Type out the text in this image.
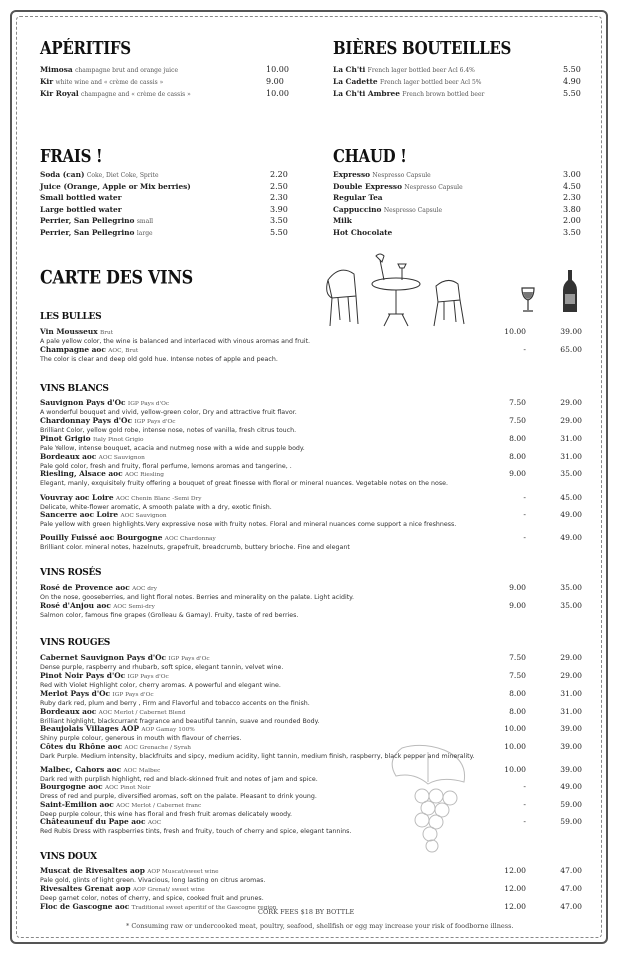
APÉRITIFS
Mimosa champagne brut and orange juice	10.00
Kir white wine and « crème de cassis »	9.00
Kir Royal champagne and « crème de cassis »	10.00
BIÈRES BOUTEILLES
La Ch'ti French lager bottled beer Acl 6.4%	5.50
La Cadette French lager bottled beer Acl 5%	4.90
La Ch'ti Ambree French brown bottled beer	5.50
FRAIS !
Soda (can) Coke, Diet Coke, Sprite	2.20
Juice (Orange, Apple or Mix berries)	2.50
Small bottled water	2.30
Large bottled water	3.90
Perrier, San Pellegrino small	3.50
Perrier, San Pellegrino large	5.50
CHAUD !
Expresso Nespresso Capsule	3.00
Double Expresso Nespresso Capsule	4.50
Regular Tea	2.30
Cappuccino Nespresso Capsule	3.80
Milk	2.00
Hot Chocolate	3.50
CARTE DES VINS
LES BULLES
Vin Mousseux Brut
A pale yellow color, the wine is balanced and interlaced with vinous aromas and fruit.
10.00	39.00
Champagne aoc AOC, Brut
The color is clear and deep old gold hue. Intense notes of apple and peach.
-	65.00
VINS BLANCS
Sauvignon Pays d'Oc IGP Pays d'Oc
A wonderful bouquet and vivid, yellow-green color, Dry and attractive fruit flavor.
7.50	29.00
Chardonnay Pays d'Oc IGP Pays d'Oc
Brilliant Color, yellow gold robe, intense nose, notes of vanilla, fresh citrus touch.
7.50	29.00
Pinot Grigio Italy Pinot Grigio
Pale Yellow, intense bouquet, acacia and nutmeg nose with a wide and supple body.
8.00	31.00
Bordeaux aoc AOC Sauvignon
Pale gold color, fresh and fruity, floral perfume, lemons aromas and tangerine, .
8.00	31.00
Riesling, Alsace aoc AOC Riesling
Elegant, manly, exquisitely fruity offering a bouquet of great finesse with floral or mineral nuances. Vegetable notes on the nose.
9.00	35.00
Vouvray aoc Loire AOC Chenin Blanc -Semi Dry
Delicate, white-flower aromatic, A smooth palate with a dry, exotic finish.
-	45.00
Sancerre aoc Loire AOC Sauvignon
Pale yellow with green highlights.Very expressive nose with fruity notes. Floral and mineral nuances come support a nice freshness.
-	49.00
Pouilly Fuissé aoc Bourgogne AOC Chardonnay
Brilliant color. mineral notes, hazelnuts, grapefruit, breadcrumb, buttery brioche. Fine and elegant
-	49.00
VINS ROSÉS
Rosé de Provence aoc AOC dry
On the nose, gooseberries, and light floral notes. Berries and minerality on the palate. Light acidity.
9.00	35.00
Rosé d'Anjou aoc AOC Semi-dry
Salmon color, famous fine grapes (Grolleau & Gamay). Fruity, taste of red berries.
9.00	35.00
VINS ROUGES
Cabernet Sauvignon Pays d'Oc IGP Pays d'Oc
Dense purple, raspberry and rhubarb, soft spice, elegant tannin, velvet wine.
7.50	29.00
Pinot Noir Pays d'Oc IGP Pays d'Oc
Red with Violet Highlight color, cherry aromas. A powerful and elegant wine.
7.50	29.00
Merlot Pays d'Oc IGP Pays d'Oc
Ruby dark red, plum and berry , Firm and Flavorful and tobacco accents on the finish.
8.00	31.00
Bordeaux aoc AOC Merlot / Cabernet Blend
Brilliant highlight, blackcurrant fragrance and beautiful tannin, suave and rounded Body.
8.00	31.00
Beaujolais Villages AOP AOP Gamay 100%
Shiny purple colour, generous in mouth with flavour of cherries.
10.00	39.00
Côtes du Rhône aoc AOC Grenache / Syrah
Dark Purple. Medium intensity, blackfruits and sipcy, medium acidity, light tannin, medium finish, raspberry, black pepper and minerality.
10.00	39.00
Malbec, Cahors aoc AOC Malbec
Dark red with purplish highlight, red and black-skinned fruit and notes of jam and spice.
10.00	39.00
Bourgogne aoc AOC Pinot Noir
Dress of red and purple, diversified aromas, soft on the palate. Pleasant to drink young.
-	49.00
Saint-Emilion aoc AOC Merlot / Cabernet franc
Deep purple colour, this wine has floral and fresh fruit aromas delicately woody.
-	59.00
Châteauneuf du Pape aoc AOC
Red Rubis Dress with raspberries tints, fresh and fruity, touch of cherry and spice, elegant tannins.
-	59.00
VINS DOUX
Muscat de Rivesaltes aop AOP Muscat/sweet wine
Pale gold, glints of light green. Vivacious, long lasting on citrus aromas.
12.00	47.00
Rivesaltes Grenat aop AOP Grenat/ sweet wine
Deep garnet color, notes of cherry, and spice, cooked fruit and prunes.
12.00	47.00
Floc de Gascogne aoc Traditional sweet aperitif of the Gascogne region	12.00	47.00
CORK FEES $18 BY BOTTLE
* Consuming raw or undercooked meat, poultry, seafood, shellfish or egg may increase your risk of foodborne illness.
